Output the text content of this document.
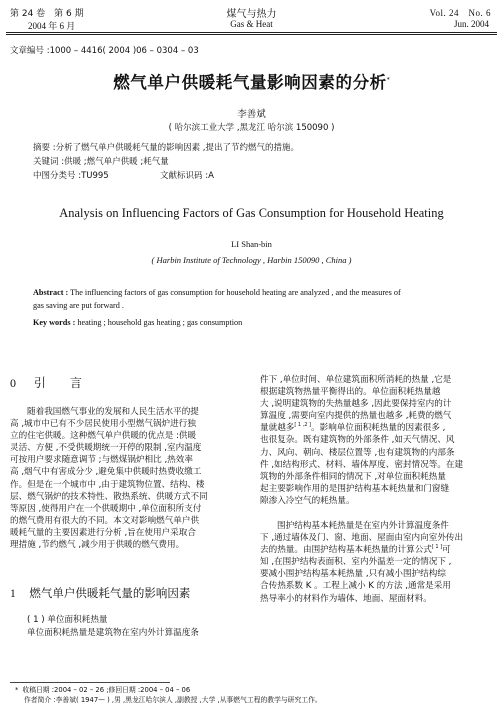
第 24 卷　第 6 期
2004 年 6 月
煤气与热力
Gas & Heat
Vol. 24　No. 6
Jun. 2004
文章编号 :1000 – 4416( 2004 )06 – 0304 – 03
燃气单户供暖耗气量影响因素的分析*
李善斌
( 哈尔滨工业大学 ,黑龙江 哈尔滨 150090 )
摘要 :分析了燃气单户供暖耗气量的影响因素 ,提出了节约燃气的措施。
关键词 :供暖 ;燃气单户供暖 ;耗气量
中图分类号 :TU995	文献标识码 :A
Analysis on Influencing Factors of Gas Consumption for Household Heating
LI Shan-bin
( Harbin Institute of Technology , Harbin 150090 , China )
Abstract : The influencing factors of gas consumption for household heating are analyzed , and the measures of
gas saving are put forward .
Key words : heating ; household gas heating ; gas consumption
0 引　　言
随着我国燃气事业的发展和人民生活水平的提
高 ,城市中已有不少居民使用小型燃气锅炉进行独
立的住宅供暖。这种燃气单户供暖的优点是 :供暖
灵活、方便 ,不受供暖期统一开停的限制 ,室内温度
可按用户要求随意调节 ;与燃煤锅炉相比 ,热效率
高 ,烟气中有害成分少 ,避免集中供暖时热费收缴工
作。但是在一个城市中 ,由于建筑物位置、结构、楼
层、燃气锅炉的技术特性、散热系统、供暖方式不同
等原因 ,使得用户在一个供暖期中 ,单位面积所支付
的燃气费用有很大的不同。本文对影响燃气单户供
暖耗气量的主要因素进行分析 ,旨在使用户采取合
理措施 ,节约燃气 ,减少用于供暖的燃气费用。
1 燃气单户供暖耗气量的影响因素
( 1 ) 单位面积耗热量
单位面积耗热量是建筑物在室内外计算温度条
件下 ,单位时间、单位建筑面积所消耗的热量 ,它是
根据建筑物热量平衡得出的。单位面积耗热量越
大 ,说明建筑物的失热量越多 ,因此要保持室内的计
算温度 ,需要向室内提供的热量也越多 ,耗费的燃气
量就越多[ 1 ,2 ]。影响单位面积耗热量的因素很多 ,
也很复杂。既有建筑物的外部条件 ,如天气情况、风
力、风向、朝向、楼层位置等 ,也有建筑物的内部条
件 ,如结构形式、材料、墙体厚度、密封情况等。在建
筑物的外部条件相同的情况下 ,对单位面积耗热量
起主要影响作用的是围护结构基本耗热量和门窗缝
隙渗入冷空气的耗热量。
围护结构基本耗热量是在室内外计算温度条件
下 ,通过墙体及门、窗、地面、屋面由室内向室外传出
去的热量。由围护结构基本耗热量的计算公式[ 1 ]可
知 ,在围护结构表面积、室内外温差一定的情况下 ,
要减小围护结构基本耗热量 ,只有减小围护结构综
合传热系数 K 。工程上减小 K 的方法 ,通常是采用
热导率小的材料作为墙体、地面、屋面材料。
* 收稿日期 :2004 – 02 – 26 ;修回日期 :2004 – 04 – 06
作者简介 :李善斌( 1947— ) ,男 ,黑龙江哈尔滨人 ,副教授 ,大学 ,从事燃气工程的教学与研究工作。
